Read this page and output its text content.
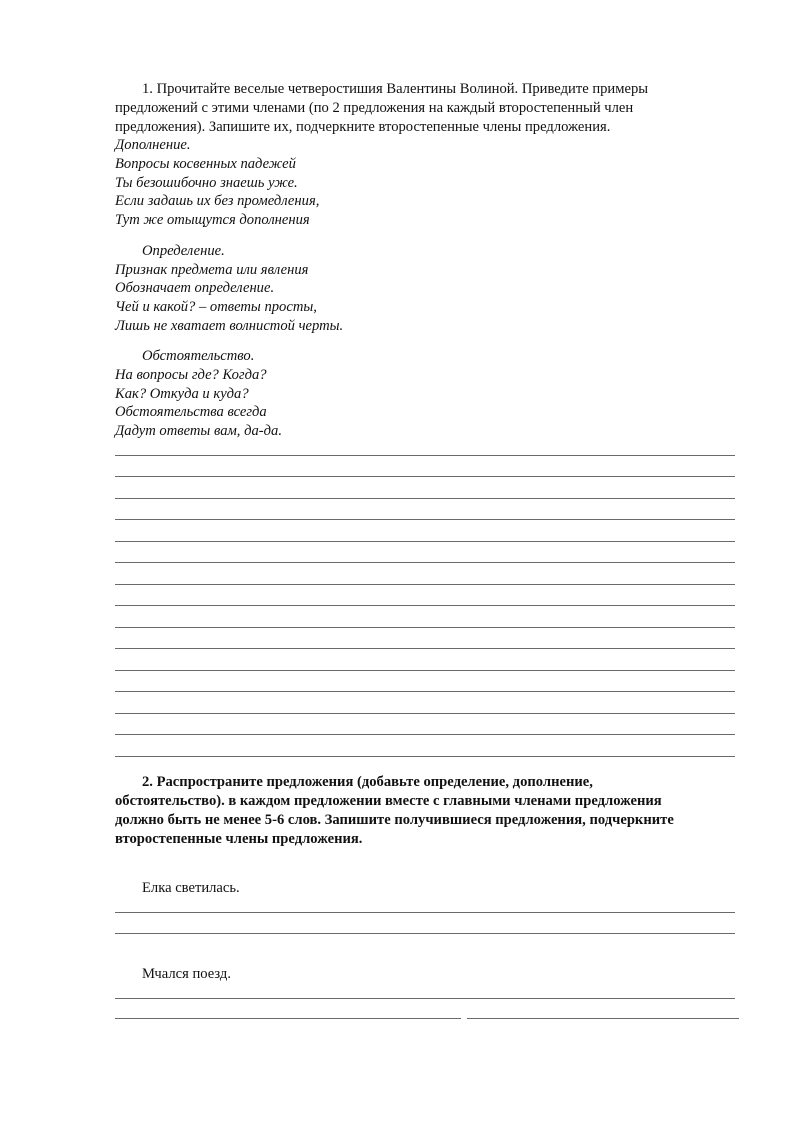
1. Прочитайте веселые четверостишия Валентины Волиной. Приведите примеры
предложений с этими членами (по 2 предложения на каждый второстепенный член
предложения). Запишите их, подчеркните второстепенные члены предложения.
Дополнение.
Вопросы косвенных падежей
Ты безошибочно знаешь уже.
Если задашь их без промедления,
Тут же отыщутся дополнения
Определение.
Признак предмета или явления
Обозначает определение.
Чей и какой? – ответы просты,
Лишь не хватает волнистой черты.
Обстоятельство.
На вопросы где? Когда?
Как? Откуда и куда?
Обстоятельства всегда
Дадут ответы вам, да-да.
2. Распространите предложения (добавьте определение, дополнение,
обстоятельство). в каждом предложении вместе с главными членами предложения
должно быть не менее 5-6 слов. Запишите получившиеся предложения, подчеркните
второстепенные члены предложения.
Елка светилась.
Мчался поезд.
